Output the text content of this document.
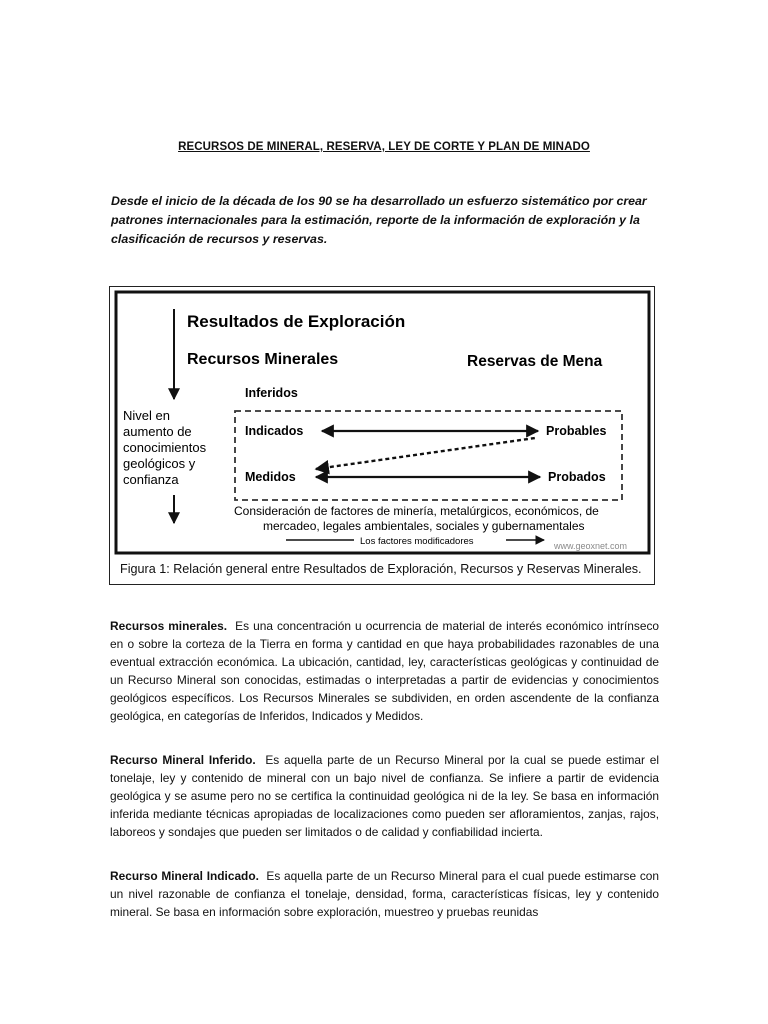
RECURSOS DE MINERAL, RESERVA, LEY DE CORTE Y PLAN DE MINADO

Desde el inicio de la década de los 90 se ha desarrollado un esfuerzo sistemático por crear patrones internacionales para la estimación, reporte de la información de exploración y la clasificación de recursos y reservas.

Resultados de Exploración
Recursos Minerales	Reservas de Mena
Nivel en aumento de conocimientos geológicos y confianza
Inferidos
Indicados	Probables
Medidos	Probados
Consideración de factores de minería, metalúrgicos, económicos, de
mercadeo, legales ambientales, sociales y gubernamentales
Los factores modificadores	www.geoxnet.com
Figura 1: Relación general entre Resultados de Exploración, Recursos y Reservas Minerales.

Recursos minerales. Es una concentración u ocurrencia de material de interés económico intrínseco en o sobre la corteza de la Tierra en forma y cantidad en que haya probabilidades razonables de una eventual extracción económica. La ubicación, cantidad, ley, características geológicas y continuidad de un Recurso Mineral son conocidas, estimadas o interpretadas a partir de evidencias y conocimientos geológicos específicos. Los Recursos Minerales se subdividen, en orden ascendente de la confianza geológica, en categorías de Inferidos, Indicados y Medidos.

Recurso Mineral Inferido. Es aquella parte de un Recurso Mineral por la cual se puede estimar el tonelaje, ley y contenido de mineral con un bajo nivel de confianza. Se infiere a partir de evidencia geológica y se asume pero no se certifica la continuidad geológica ni de la ley. Se basa en información inferida mediante técnicas apropiadas de localizaciones como pueden ser afloramientos, zanjas, rajos, laboreos y sondajes que pueden ser limitados o de calidad y confiabilidad incierta.

Recurso Mineral Indicado. Es aquella parte de un Recurso Mineral para el cual puede estimarse con un nivel razonable de confianza el tonelaje, densidad, forma, características físicas, ley y contenido mineral. Se basa en información sobre exploración, muestreo y pruebas reunidas
